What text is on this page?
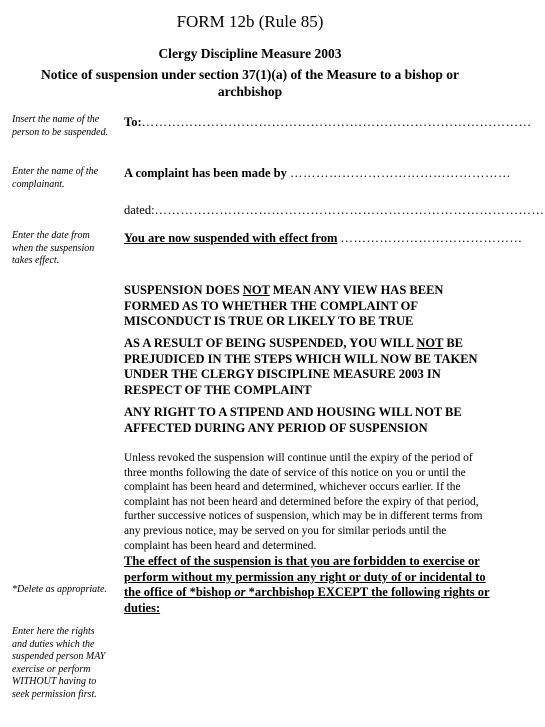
FORM 12b (Rule 85)
Clergy Discipline Measure 2003
Notice of suspension under section 37(1)(a) of the Measure to a bishop or archbishop
Insert the name of the person to be suspended.
To:………………………………………………………………………………
Enter the name of the complainant.
A complaint has been made by ……………………………………………
dated:………………………………………………………………………………
Enter the date from when the suspension takes effect.
You are now suspended with effect from ……………………………………
SUSPENSION DOES NOT MEAN ANY VIEW HAS BEEN FORMED AS TO WHETHER THE COMPLAINT OF MISCONDUCT IS TRUE OR LIKELY TO BE TRUE
AS A RESULT OF BEING SUSPENDED, YOU WILL NOT BE PREJUDICED IN THE STEPS WHICH WILL NOW BE TAKEN UNDER THE CLERGY DISCIPLINE MEASURE 2003 IN RESPECT OF THE COMPLAINT
ANY RIGHT TO A STIPEND AND HOUSING WILL NOT BE AFFECTED DURING ANY PERIOD OF SUSPENSION
Unless revoked the suspension will continue until the expiry of the period of three months following the date of service of this notice on you or until the complaint has been heard and determined, whichever occurs earlier. If the complaint has not been heard and determined before the expiry of that period, further successive notices of suspension, which may be in different terms from any previous notice, may be served on you for similar periods until the complaint has been heard and determined.
*Delete as appropriate.
The effect of the suspension is that you are forbidden to exercise or perform without my permission any right or duty of or incidental to the office of *bishop or *archbishop EXCEPT the following rights or duties:
Enter here the rights and duties which the suspended person MAY exercise or perform WITHOUT having to seek permission first.
